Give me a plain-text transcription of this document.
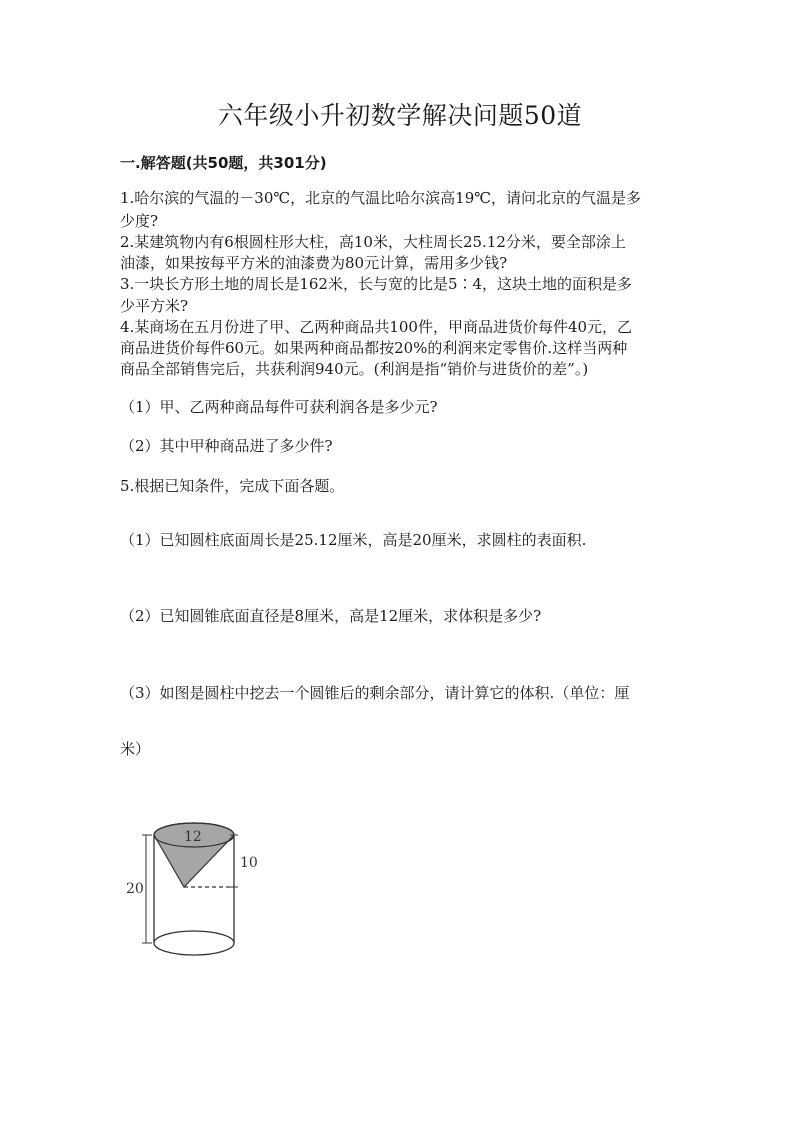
六年级小升初数学解决问题50道
一.解答题(共50题，共301分)

1.哈尔滨的气温的－30℃，北京的气温比哈尔滨高19℃，请问北京的气温是多

少度?

2.某建筑物内有6根圆柱形大柱，高10米，大柱周长25.12分米，要全部涂上

油漆，如果按每平方米的油漆费为80元计算，需用多少钱?

3.一块长方形土地的周长是162米，长与宽的比是5∶4，这块土地的面积是多

少平方米?

4.某商场在五月份进了甲、乙两种商品共100件，甲商品进货价每件40元，乙

商品进货价每件60元。如果两种商品都按20%的利润来定零售价.这样当两种

商品全部销售完后，共获利润940元。(利润是指“销价与进货价的差”。)

（1）甲、乙两种商品每件可获利润各是多少元?

（2）其中甲种商品进了多少件?

5.根据已知条件，完成下面各题。

（1）已知圆柱底面周长是25.12厘米，高是20厘米，求圆柱的表面积.

（2）已知圆锥底面直径是8厘米，高是12厘米，求体积是多少?

（3）如图是圆柱中挖去一个圆锥后的剩余部分，请计算它的体积.（单位：厘

米）

20
10
12
